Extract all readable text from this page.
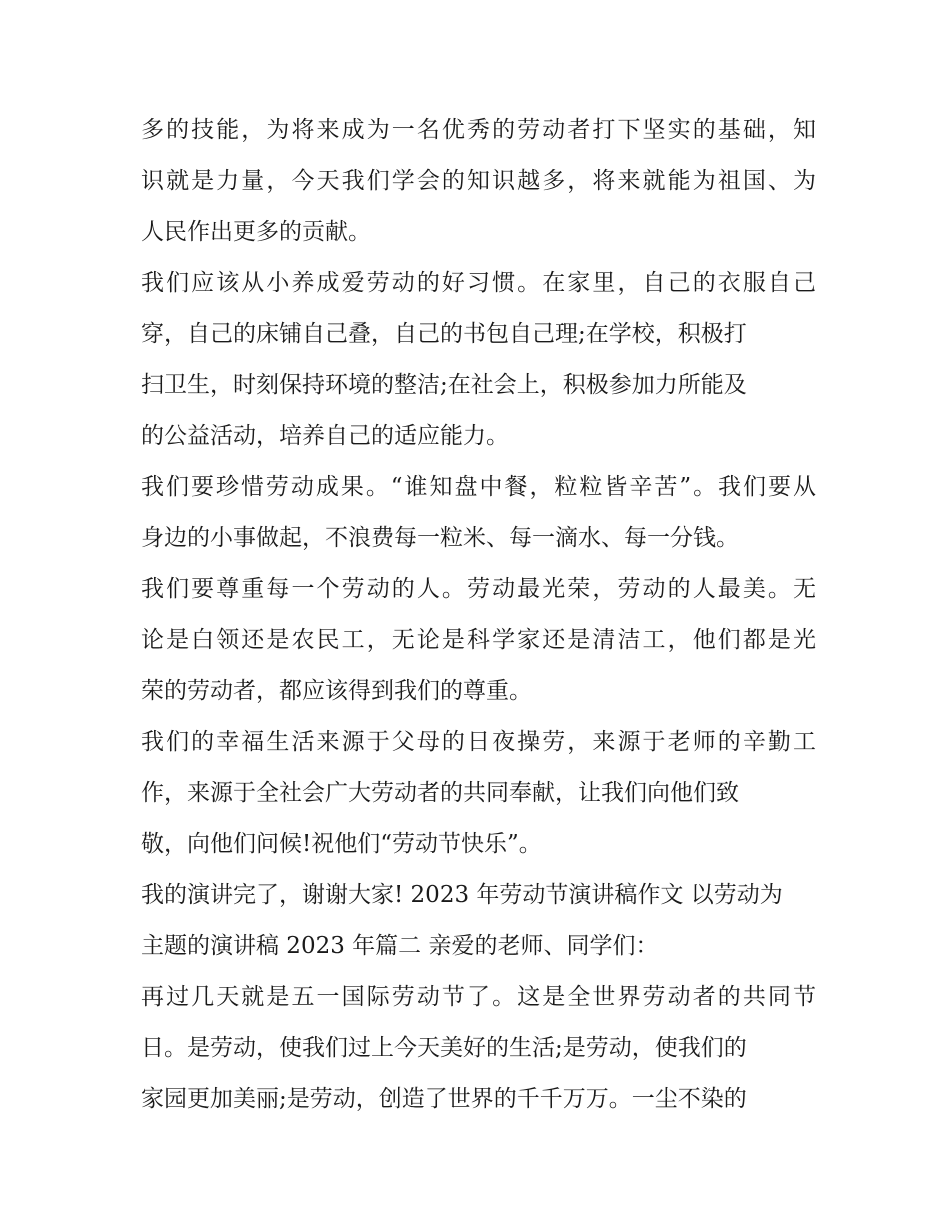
多的技能，为将来成为一名优秀的劳动者打下坚实的基础，知
识就是力量，今天我们学会的知识越多，将来就能为祖国、为
人民作出更多的贡献。
我们应该从小养成爱劳动的好习惯。在家里，自己的衣服自己
穿，自己的床铺自己叠，自己的书包自己理;在学校，积极打
扫卫生，时刻保持环境的整洁;在社会上，积极参加力所能及
的公益活动，培养自己的适应能力。
我们要珍惜劳动成果。“谁知盘中餐，粒粒皆辛苦”。我们要从
身边的小事做起，不浪费每一粒米、每一滴水、每一分钱。
我们要尊重每一个劳动的人。劳动最光荣，劳动的人最美。无
论是白领还是农民工，无论是科学家还是清洁工，他们都是光
荣的劳动者，都应该得到我们的尊重。
我们的幸福生活来源于父母的日夜操劳，来源于老师的辛勤工
作，来源于全社会广大劳动者的共同奉献，让我们向他们致
敬，向他们问候!祝他们“劳动节快乐”。
我的演讲完了，谢谢大家! 2023 年劳动节演讲稿作文 以劳动为
主题的演讲稿 2023 年篇二 亲爱的老师、同学们：
再过几天就是五一国际劳动节了。这是全世界劳动者的共同节
日。是劳动，使我们过上今天美好的生活;是劳动，使我们的
家园更加美丽;是劳动，创造了世界的千千万万。一尘不染的
